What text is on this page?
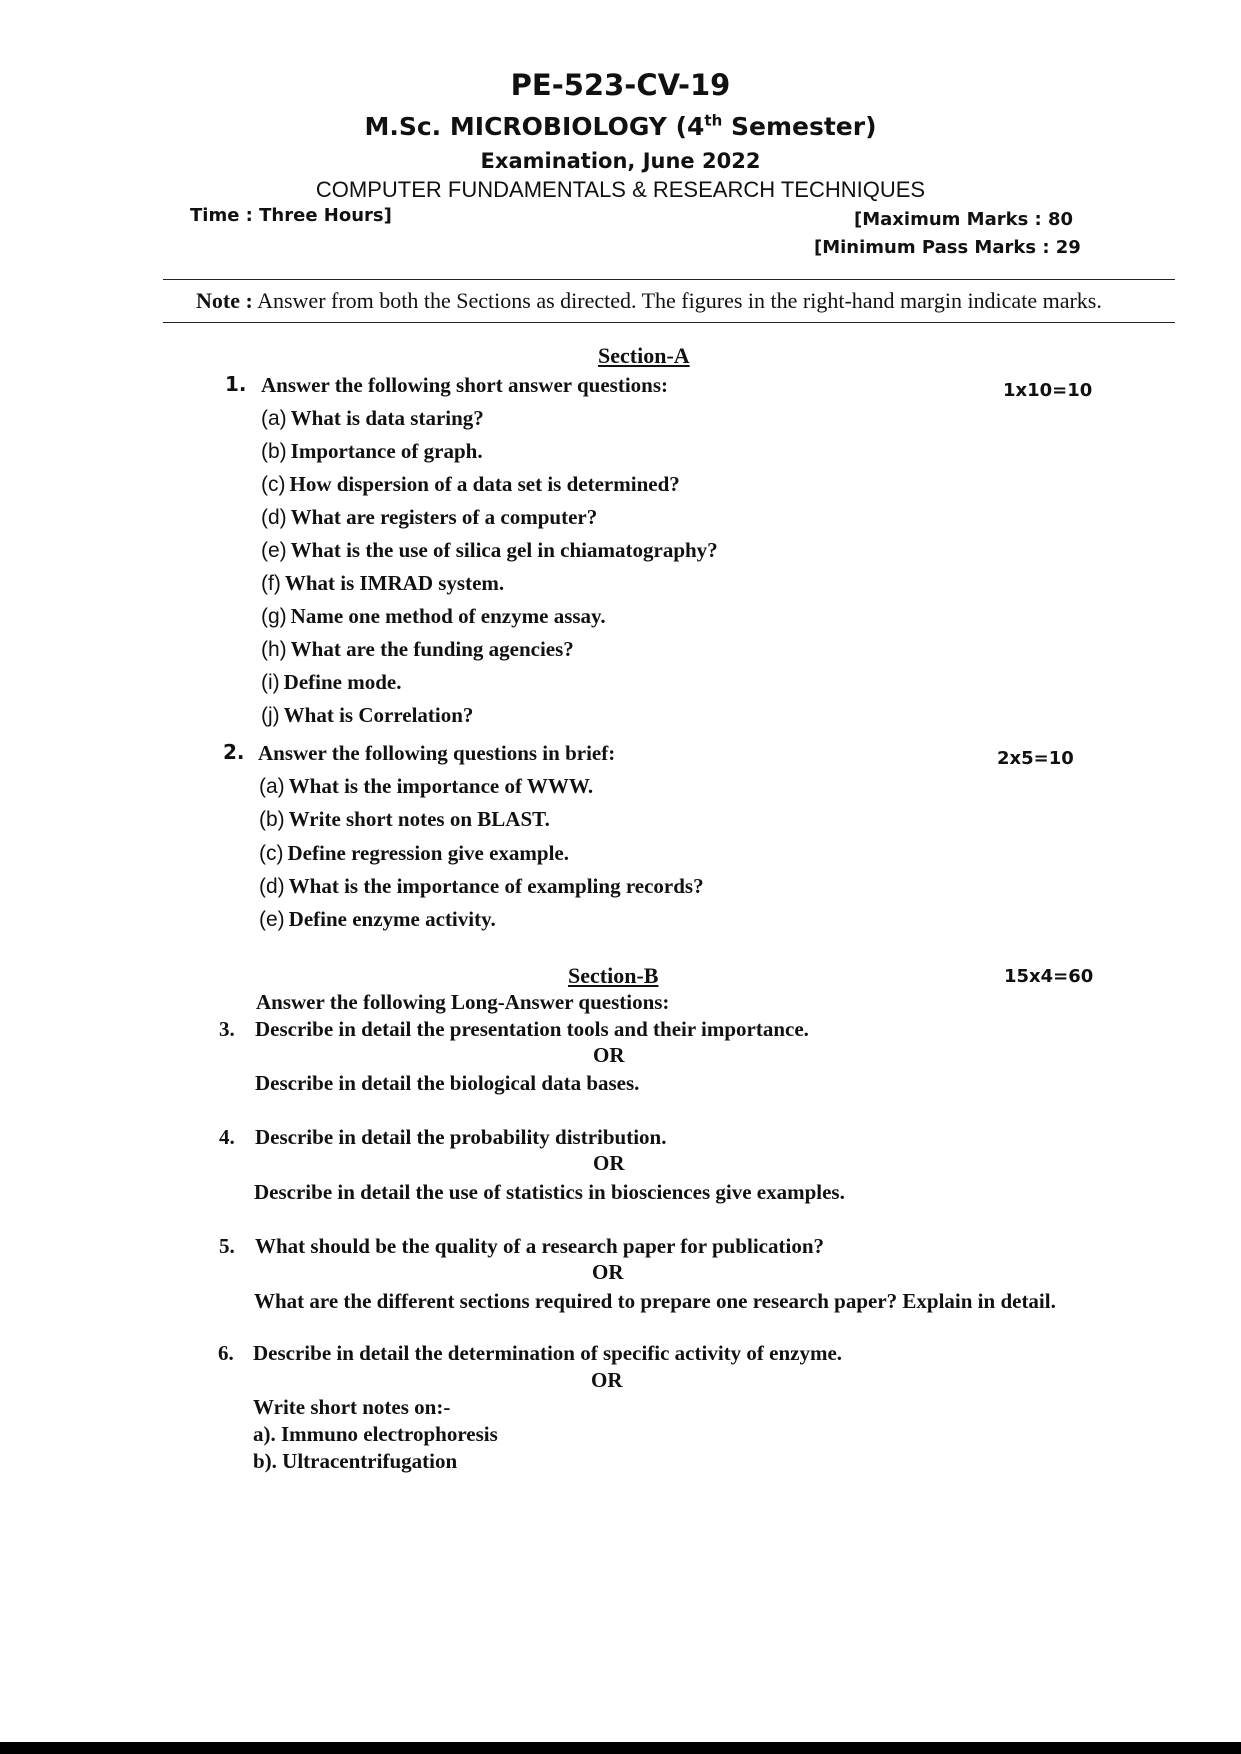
PE-523-CV-19
M.Sc. MICROBIOLOGY (4th Semester)
Examination, June 2022
COMPUTER FUNDAMENTALS & RESEARCH TECHNIQUES
Time : Three Hours]	[Maximum Marks : 80
[Minimum Pass Marks : 29
Note : Answer from both the Sections as directed. The figures in the right-hand margin indicate marks.
Section-A
1. Answer the following short answer questions:	1x10=10
(a) What is data staring?
(b) Importance of graph.
(c) How dispersion of a data set is determined?
(d) What are registers of a computer?
(e) What is the use of silica gel in chiamatography?
(f) What is IMRAD system.
(g) Name one method of enzyme assay.
(h) What are the funding agencies?
(i) Define mode.
(j) What is Correlation?
2. Answer the following questions in brief:	2x5=10
(a) What is the importance of WWW.
(b) Write short notes on BLAST.
(c) Define regression give example.
(d) What is the importance of exampling records?
(e) Define enzyme activity.
Section-B	15x4=60
Answer the following Long-Answer questions:
3. Describe in detail the presentation tools and their importance.
OR
Describe in detail the biological data bases.
4. Describe in detail the probability distribution.
OR
Describe in detail the use of statistics in biosciences give examples.
5. What should be the quality of a research paper for publication?
OR
What are the different sections required to prepare one research paper? Explain in detail.
6. Describe in detail the determination of specific activity of enzyme.
OR
Write short notes on:-
a). Immuno electrophoresis
b). Ultracentrifugation
